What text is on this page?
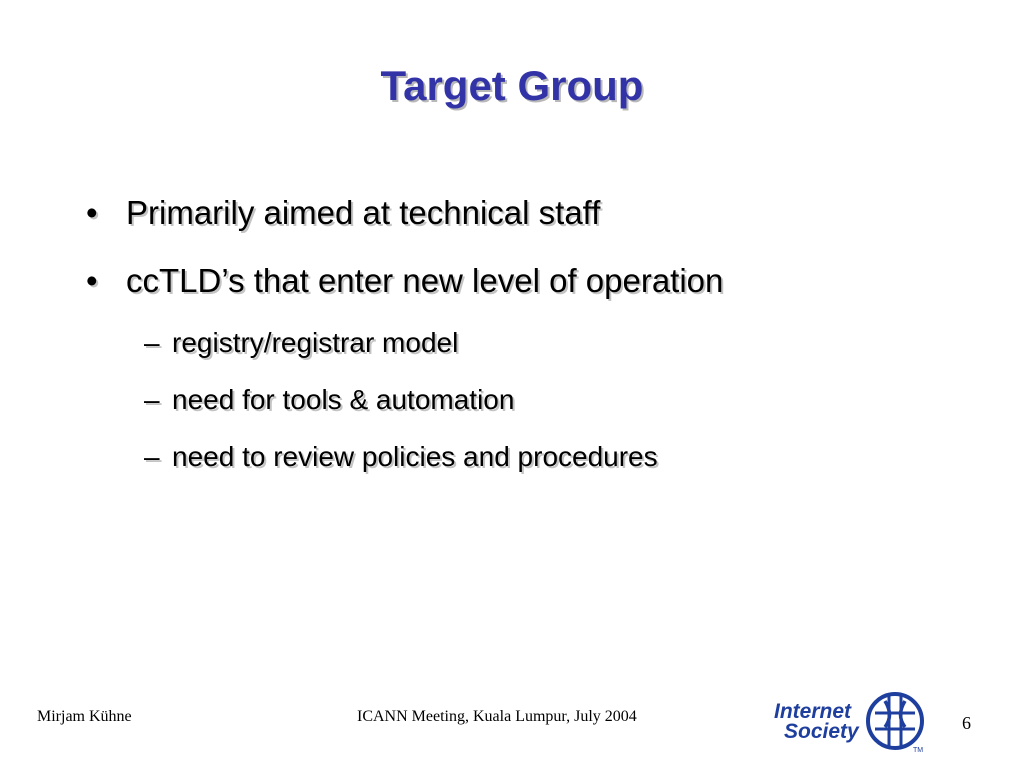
Target Group
• Primarily aimed at technical staff
• ccTLD’s that enter new level of operation
– registry/registrar model
– need for tools & automation
– need to review policies and procedures
Mirjam Kühne	ICANN Meeting, Kuala Lumpur, July 2004	Internet
Society
TM
6
